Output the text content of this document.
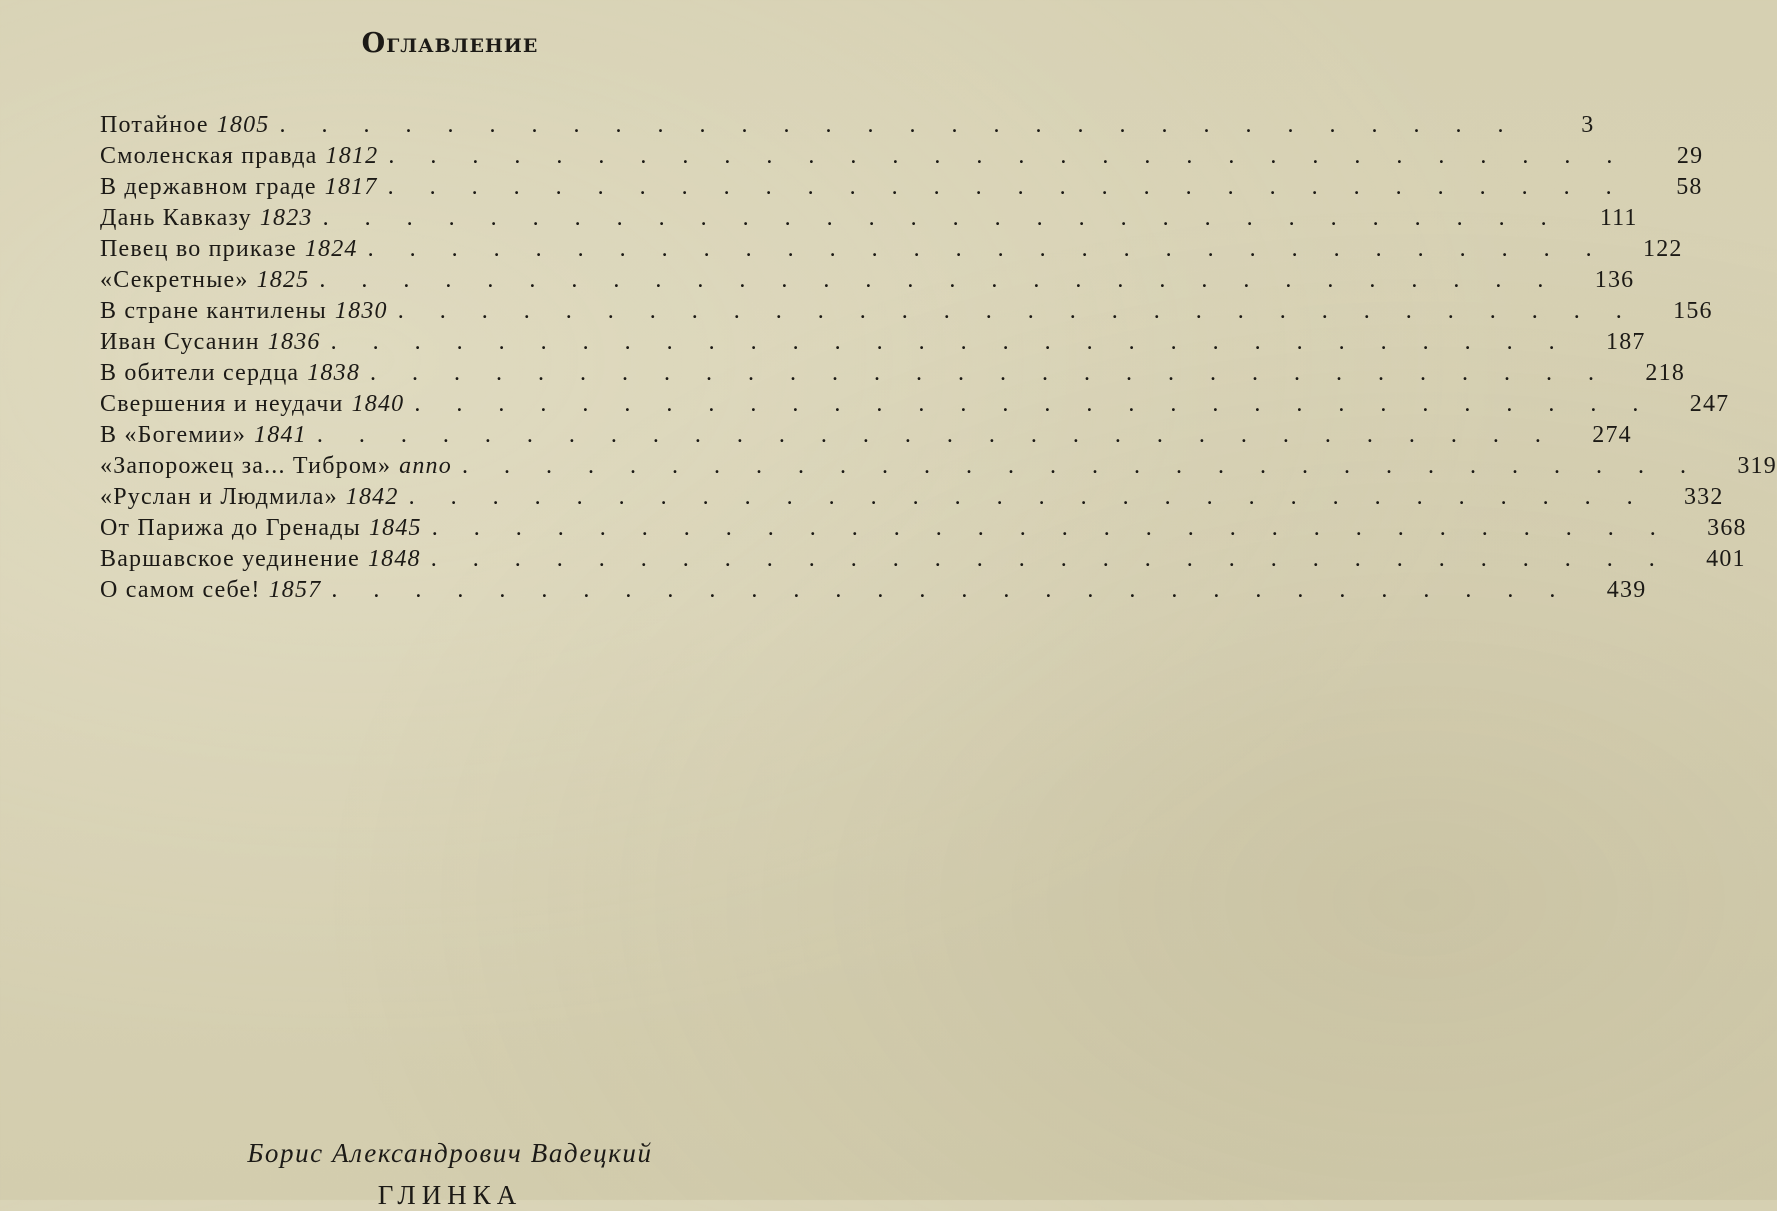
Оглавление
Потайное 1805 . . . . . . . . . . . . . . . . . . . . . . . . . . . . . .	3
Смоленская правда 1812 . . . . . . . . . . . . . . . . . . . . . . . . . . . . . .	29
В державном граде 1817 . . . . . . . . . . . . . . . . . . . . . . . . . . . . . .	58
Дань Кавказу 1823 . . . . . . . . . . . . . . . . . . . . . . . . . . . . . .	111
Певец во приказе 1824 . . . . . . . . . . . . . . . . . . . . . . . . . . . . . .	122
«Секретные» 1825 . . . . . . . . . . . . . . . . . . . . . . . . . . . . . .	136
В стране кантилены 1830 . . . . . . . . . . . . . . . . . . . . . . . . . . . . . .	156
Иван Сусанин 1836 . . . . . . . . . . . . . . . . . . . . . . . . . . . . . .	187
В обители сердца 1838 . . . . . . . . . . . . . . . . . . . . . . . . . . . . . .	218
Свершения и неудачи 1840 . . . . . . . . . . . . . . . . . . . . . . . . . . . . . .	247
В «Богемии» 1841 . . . . . . . . . . . . . . . . . . . . . . . . . . . . . .	274
«Запорожец за... Тибром» anno . . . . . . . . . . . . . . . . . . . . . . . . . . . . . .	319
«Руслан и Людмила» 1842 . . . . . . . . . . . . . . . . . . . . . . . . . . . . . .	332
От Парижа до Гренады 1845 . . . . . . . . . . . . . . . . . . . . . . . . . . . . . .	368
Варшавское уединение 1848 . . . . . . . . . . . . . . . . . . . . . . . . . . . . . .	401
О самом себе! 1857 . . . . . . . . . . . . . . . . . . . . . . . . . . . . . .	439

Борис Александрович Вадецкий

ГЛИНКА
